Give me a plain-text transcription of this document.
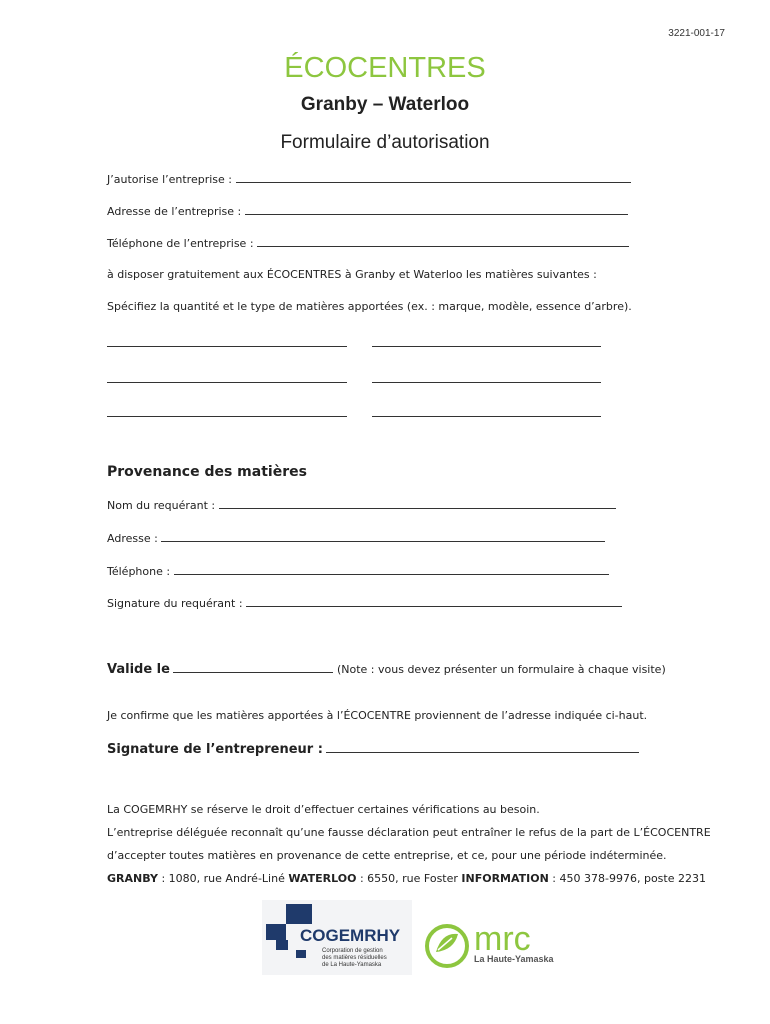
3221-001-17
ÉCOCENTRES
Granby – Waterloo
Formulaire d’autorisation
J’autorise l’entreprise :
Adresse de l’entreprise :
Téléphone de l’entreprise :
à disposer gratuitement aux ÉCOCENTRES à Granby et Waterloo les matières suivantes :
Spécifiez la quantité et le type de matières apportées (ex. : marque, modèle, essence d’arbre).
Provenance des matières
Nom du requérant :
Adresse :
Téléphone :
Signature du requérant :
Valide le	(Note : vous devez présenter un formulaire à chaque visite)
Je confirme que les matières apportées à l’ÉCOCENTRE proviennent de l’adresse indiquée ci-haut.
Signature de l’entrepreneur :
La COGEMRHY se réserve le droit d’effectuer certaines vérifications au besoin.
L’entreprise déléguée reconnaît qu’une fausse déclaration peut entraîner le refus de la part de L’ÉCOCENTRE
d’accepter toutes matières en provenance de cette entreprise, et ce, pour une période indéterminée.
GRANBY : 1080, rue André-Liné WATERLOO : 6550, rue Foster INFORMATION : 450 378-9976, poste 2231
COGEMRHY
Corporation de gestion
des matières résiduelles
de La Haute-Yamaska
mrc
La Haute-Yamaska
